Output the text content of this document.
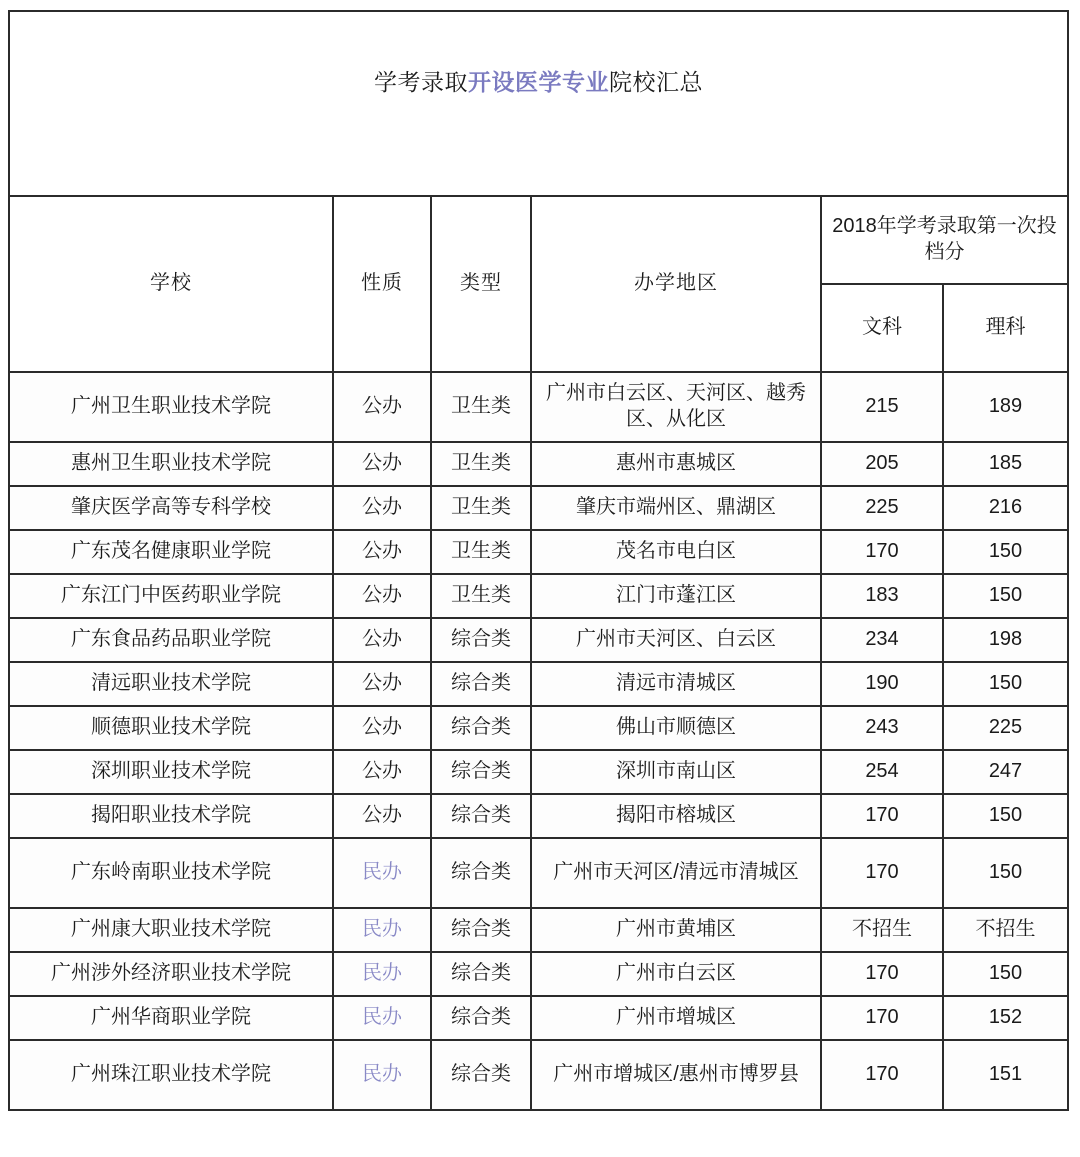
学考录取开设医学专业院校汇总					

学校	性质	类型	办学地区	2018年学考录取第一次投档分	
				文科	理科
广州卫生职业技术学院	公办	卫生类	广州市白云区、天河区、越秀区、从化区	215	189
惠州卫生职业技术学院	公办	卫生类	惠州市惠城区	205	185
肇庆医学高等专科学校	公办	卫生类	肇庆市端州区、鼎湖区	225	216
广东茂名健康职业学院	公办	卫生类	茂名市电白区	170	150
广东江门中医药职业学院	公办	卫生类	江门市蓬江区	183	150
广东食品药品职业学院	公办	综合类	广州市天河区、白云区	234	198
清远职业技术学院	公办	综合类	清远市清城区	190	150
顺德职业技术学院	公办	综合类	佛山市顺德区	243	225
深圳职业技术学院	公办	综合类	深圳市南山区	254	247
揭阳职业技术学院	公办	综合类	揭阳市榕城区	170	150
广东岭南职业技术学院	民办	综合类	广州市天河区/清远市清城区	170	150
广州康大职业技术学院	民办	综合类	广州市黄埔区	不招生	不招生
广州涉外经济职业技术学院	民办	综合类	广州市白云区	170	150
广州华商职业学院	民办	综合类	广州市增城区	170	152
广州珠江职业技术学院	民办	综合类	广州市增城区/惠州市博罗县	170	151
